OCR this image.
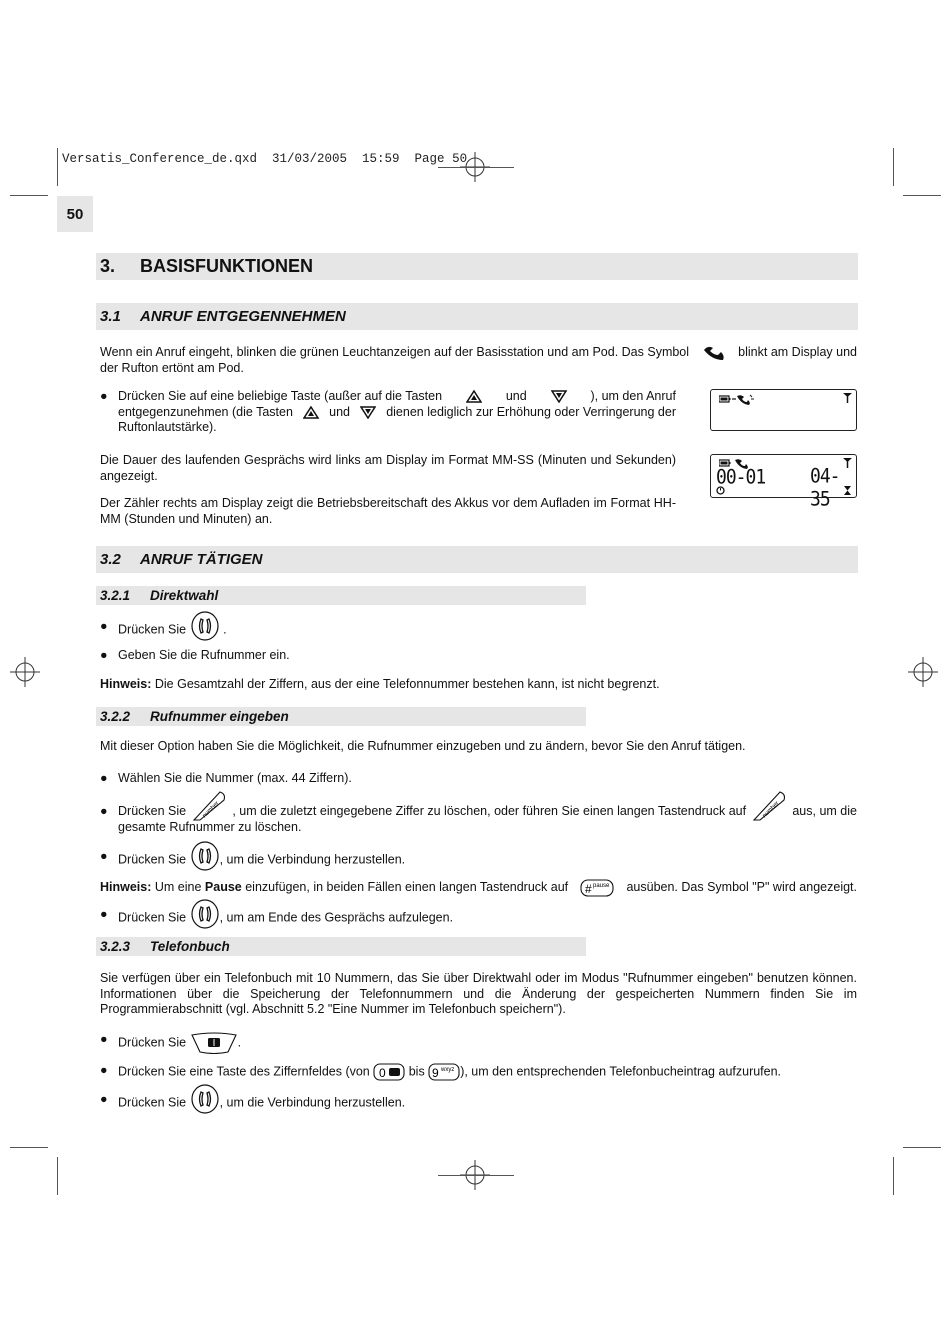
Versatis_Conference_de.qxd  31/03/2005  15:59  Page 50
50
3. BASISFUNKTIONEN
3.1 ANRUF ENTGEGENNEHMEN
Wenn ein Anruf eingeht, blinken die grünen Leuchtanzeigen auf der Basisstation und am Pod. Das Symbol	blinkt am Display und
der Rufton ertönt am Pod.
● Drücken Sie auf eine beliebige Taste (außer auf die Tasten	und	), um den Anruf
entgegenzunehmen (die Tasten	und	dienen lediglich zur Erhöhung oder Verringerung der
Ruftonlautstärke).
Die Dauer des laufenden Gesprächs wird links am Display im Format MM-SS (Minuten und Sekunden) angezeigt.	00-01 04-35
Der Zähler rechts am Display zeigt die Betriebsbereitschaft des Akkus vor dem Aufladen im Format HH-MM (Stunden und Minuten) an.
3.2 ANRUF TÄTIGEN
3.2.1 Direktwahl
● Drücken Sie	.
● Geben Sie die Rufnummer ein.
Hinweis: Die Gesamtzahl der Ziffern, aus der eine Telefonnummer bestehen kann, ist nicht begrenzt.
3.2.2 Rufnummer eingeben
Mit dieser Option haben Sie die Möglichkeit, die Rufnummer einzugeben und zu ändern, bevor Sie den Anruf tätigen.
● Wählen Sie die Nummer (max. 44 Ziffern).
● Drücken Sie	number , um die zuletzt eingegebene Ziffer zu löschen, oder führen Sie einen langen Tastendruck auf	number aus, um die
gesamte Rufnummer zu löschen.
● Drücken Sie	, um die Verbindung herzustellen.
Hinweis: Um eine Pause einzufügen, in beiden Fällen einen langen Tastendruck auf # pause ausüben. Das Symbol "P" wird angezeigt.
● Drücken Sie	, um am Ende des Gesprächs aufzulegen.
3.2.3 Telefonbuch
Sie verfügen über ein Telefonbuch mit 10 Nummern, das Sie über Direktwahl oder im Modus "Rufnummer eingeben" benutzen können. Informationen über die Speicherung der Telefonnummern und die Änderung der gespeicherten Nummern finden Sie im Programmierabschnitt (vgl. Abschnitt 5.2 "Eine Nummer im Telefonbuch speichern").
● Drücken Sie	.
● Drücken Sie eine Taste des Ziffernfeldes (von 0 bis 9 wxyz ), um den entsprechenden Telefonbucheintrag aufzurufen.
● Drücken Sie	, um die Verbindung herzustellen.
